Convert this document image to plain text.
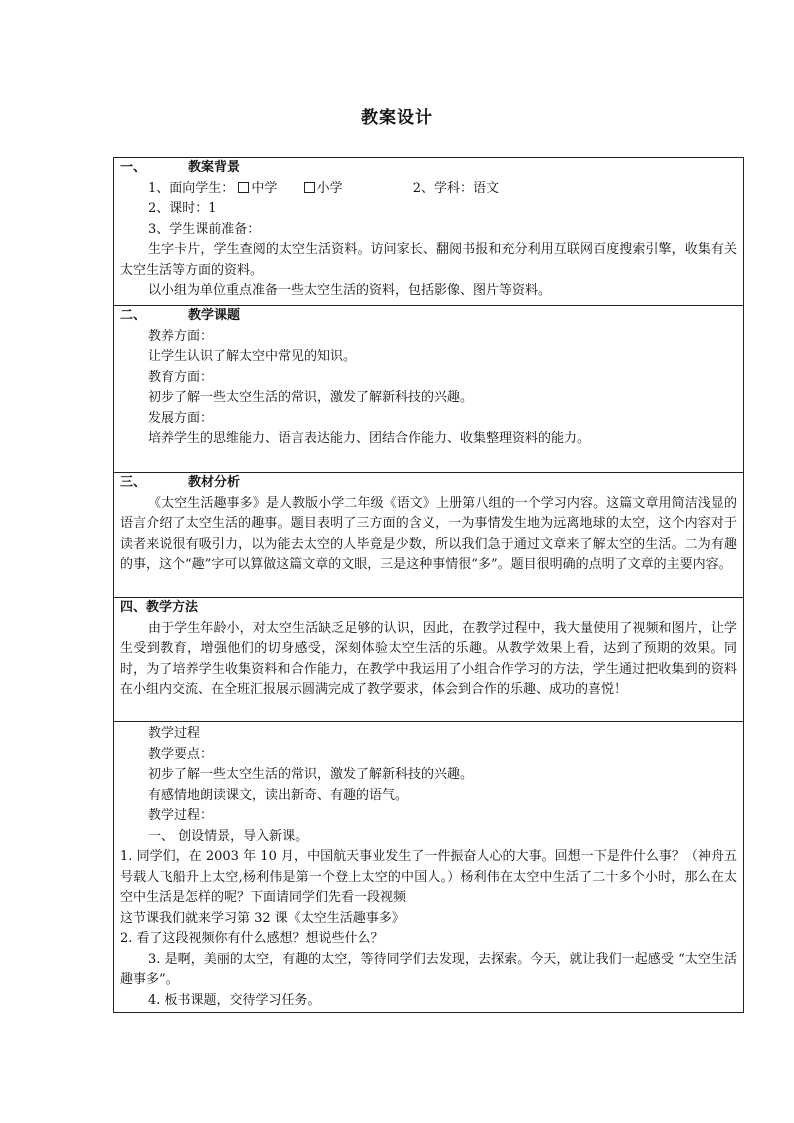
教案设计
一、	教案背景
1、面向学生： 中学	小学	2、学科：语文
2、课时：1
3、学生课前准备：
生字卡片，学生查阅的太空生活资料。访问家长、翻阅书报和充分利用互联网百度搜索引擎，收集有关太空生活等方面的资料。
以小组为单位重点准备一些太空生活的资料，包括影像、图片等资料。
二、	教学课题
教养方面：
让学生认识了解太空中常见的知识。
教育方面：
初步了解一些太空生活的常识，激发了解新科技的兴趣。
发展方面：
培养学生的思维能力、语言表达能力、团结合作能力、收集整理资料的能力。
三、	教材分析
《太空生活趣事多》是人教版小学二年级《语文》上册第八组的一个学习内容。这篇文章用简洁浅显的语言介绍了太空生活的趣事。题目表明了三方面的含义，一为事情发生地为远离地球的太空，这个内容对于读者来说很有吸引力，以为能去太空的人毕竟是少数，所以我们急于通过文章来了解太空的生活。二为有趣的事，这个“趣”字可以算做这篇文章的文眼，三是这种事情很“多”。题目很明确的点明了文章的主要内容。
四、教学方法
由于学生年龄小，对太空生活缺乏足够的认识，因此，在教学过程中，我大量使用了视频和图片，让学生受到教育，增强他们的切身感受，深刻体验太空生活的乐趣。从教学效果上看，达到了预期的效果。同时，为了培养学生收集资料和合作能力，在教学中我运用了小组合作学习的方法，学生通过把收集到的资料在小组内交流、在全班汇报展示圆满完成了教学要求，体会到合作的乐趣、成功的喜悦！
教学过程
教学要点：
初步了解一些太空生活的常识，激发了解新科技的兴趣。
有感情地朗读课文，读出新奇、有趣的语气。
教学过程：
一、 创设情景，导入新课。
1. 同学们，在 2003 年 10 月，中国航天事业发生了一件振奋人心的大事。回想一下是件什么事？（神舟五号载人飞船升上太空,杨利伟是第一个登上太空的中国人。）杨利伟在太空中生活了二十多个小时，那么在太空中生活是怎样的呢？下面请同学们先看一段视频
这节课我们就来学习第 32 课《太空生活趣事多》
2. 看了这段视频你有什么感想？想说些什么？
3. 是啊，美丽的太空，有趣的太空，等待同学们去发现，去探索。今天，就让我们一起感受 “太空生活趣事多”。
4. 板书课题，交待学习任务。
